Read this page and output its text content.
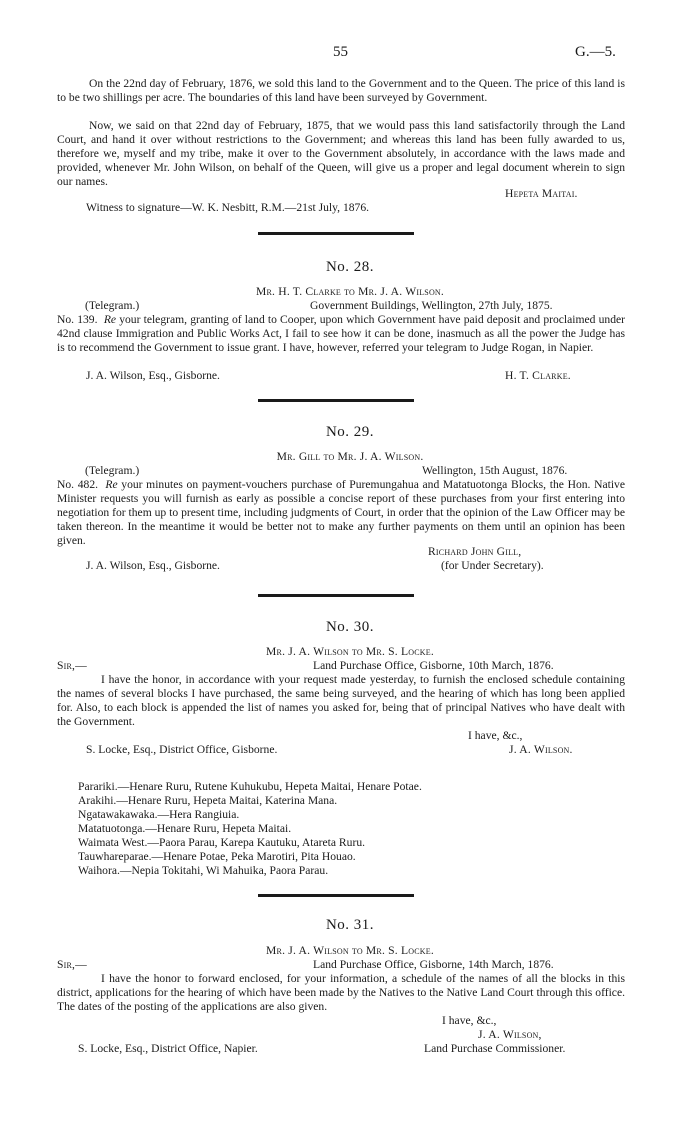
55	G.—5.
On the 22nd day of February, 1876, we sold this land to the Government and to the Queen. The price of this land is to be two shillings per acre. The boundaries of this land have been surveyed by Government.
Now, we said on that 22nd day of February, 1875, that we would pass this land satisfactorily through the Land Court, and hand it over without restrictions to the Government; and whereas this land has been fully awarded to us, therefore we, myself and my tribe, make it over to the Government absolutely, in accordance with the laws made and provided, whenever Mr. John Wilson, on behalf of the Queen, will give us a proper and legal document wherein to sign our names.
Hepeta Maitai.
Witness to signature—W. K. Nesbitt, R.M.—21st July, 1876.
No. 28.
Mr. H. T. Clarke to Mr. J. A. Wilson.
(Telegram.)	Government Buildings, Wellington, 27th July, 1875.
No. 139. Re your telegram, granting of land to Cooper, upon which Government have paid deposit and proclaimed under 42nd clause Immigration and Public Works Act, I fail to see how it can be done, inasmuch as all the power the Judge has is to recommend the Government to issue grant. I have, however, referred your telegram to Judge Rogan, in Napier.
J. A. Wilson, Esq., Gisborne.	H. T. Clarke.
No. 29.
Mr. Gill to Mr. J. A. Wilson.
(Telegram.)	Wellington, 15th August, 1876.
No. 482. Re your minutes on payment-vouchers purchase of Puremungahua and Matatuotonga Blocks, the Hon. Native Minister requests you will furnish as early as possible a concise report of these purchases from your first entering into negotiation for them up to present time, including judgments of Court, in order that the opinion of the Law Officer may be taken thereon. In the meantime it would be better not to make any further payments on them until an opinion has been given.
Richard John Gill,
J. A. Wilson, Esq., Gisborne.	(for Under Secretary).
No. 30.
Mr. J. A. Wilson to Mr. S. Locke.
Sir,—	Land Purchase Office, Gisborne, 10th March, 1876.
I have the honor, in accordance with your request made yesterday, to furnish the enclosed schedule containing the names of several blocks I have purchased, the same being surveyed, and the hearing of which has long been applied for. Also, to each block is appended the list of names you asked for, being that of principal Natives who have dealt with the Government.
I have, &c.,
S. Locke, Esq., District Office, Gisborne.	J. A. Wilson.
Parariki.—Henare Ruru, Rutene Kuhukubu, Hepeta Maitai, Henare Potae.
Arakihi.—Henare Ruru, Hepeta Maitai, Katerina Mana.
Ngatawakawaka.—Hera Rangiuia.
Matatuotonga.—Henare Ruru, Hepeta Maitai.
Waimata West.—Paora Parau, Karepa Kautuku, Atareta Ruru.
Tauwhareparae.—Henare Potae, Peka Marotiri, Pita Houao.
Waihora.—Nepia Tokitahi, Wi Mahuika, Paora Parau.
No. 31.
Mr. J. A. Wilson to Mr. S. Locke.
Sir,—	Land Purchase Office, Gisborne, 14th March, 1876.
I have the honor to forward enclosed, for your information, a schedule of the names of all the blocks in this district, applications for the hearing of which have been made by the Natives to the Native Land Court through this office. The dates of the posting of the applications are also given.
I have, &c.,
J. A. Wilson,
S. Locke, Esq., District Office, Napier.	Land Purchase Commissioner.
